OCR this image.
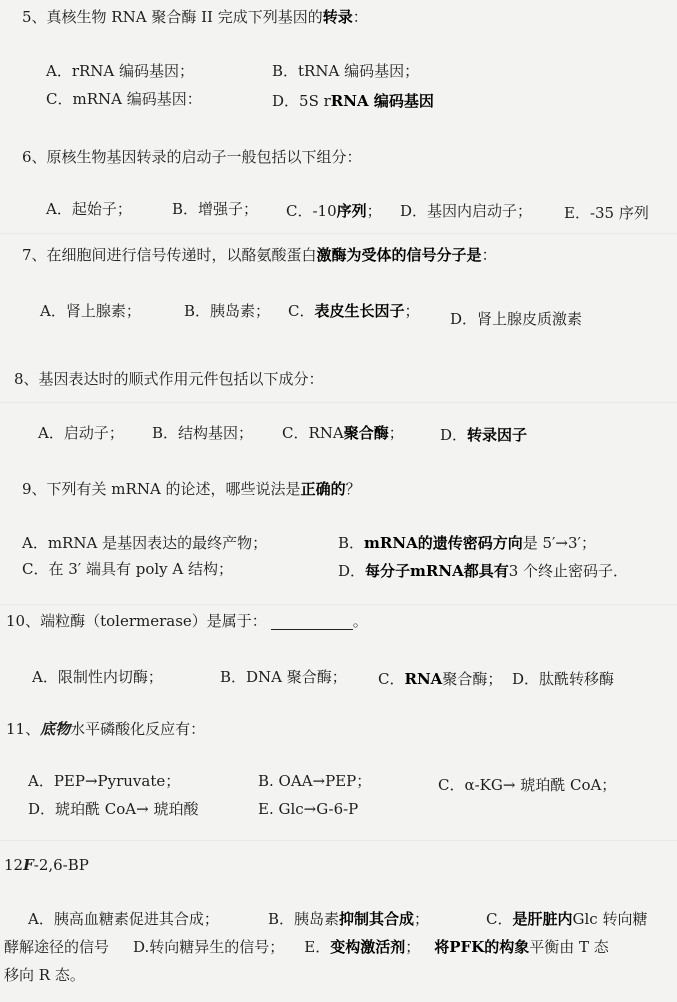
5、真核生物 RNA 聚合酶 II 完成下列基因的转录：
A．rRNA 编码基因；	B．tRNA 编码基因；
C．mRNA 编码基因：	D．5S rRNA 编码基因
6、原核生物基因转录的启动子一般包括以下组分：
A．起始子；	B．增强子； C．-10序列； D．基因内启动子； E．-35 序列
7、在细胞间进行信号传递时，以酪氨酸蛋白激酶为受体的信号分子是：
A．肾上腺素；	B．胰岛素； C．表皮生长因子； D．肾上腺皮质激素
8、基因表达时的顺式作用元件包括以下成分：
A．启动子； B．结构基因； C．RNA聚合酶； D．转录因子
9、下列有关 mRNA 的论述，哪些说法是正确的？
A．mRNA 是基因表达的最终产物；	B．mRNA的遗传密码方向是 5′→3′；
C．在 3′ 端具有 poly A 结构；	D．每分子mRNA都具有3 个终止密码子．
10、端粒酶（tolermerase）是属于：	。
A．限制性内切酶；	B．DNA 聚合酶； C．RNA聚合酶； D．肽酰转移酶
11、底物水平磷酸化反应有：
A．PEP→Pyruvate；	B. OAA→PEP；	C．α-KG→ 琥珀酰 CoA；
D．琥珀酰 CoA→ 琥珀酸	E. Glc→G-6-P
12F-2,6-BP
A．胰高血糖素促进其合成；	B．胰岛素抑制其合成；	C．是肝脏内Glc 转向糖
酵解途径的信号 D.转向糖异生的信号； E．变构激活剂； 将PFK的构象平衡由 T 态
移向 R 态。
